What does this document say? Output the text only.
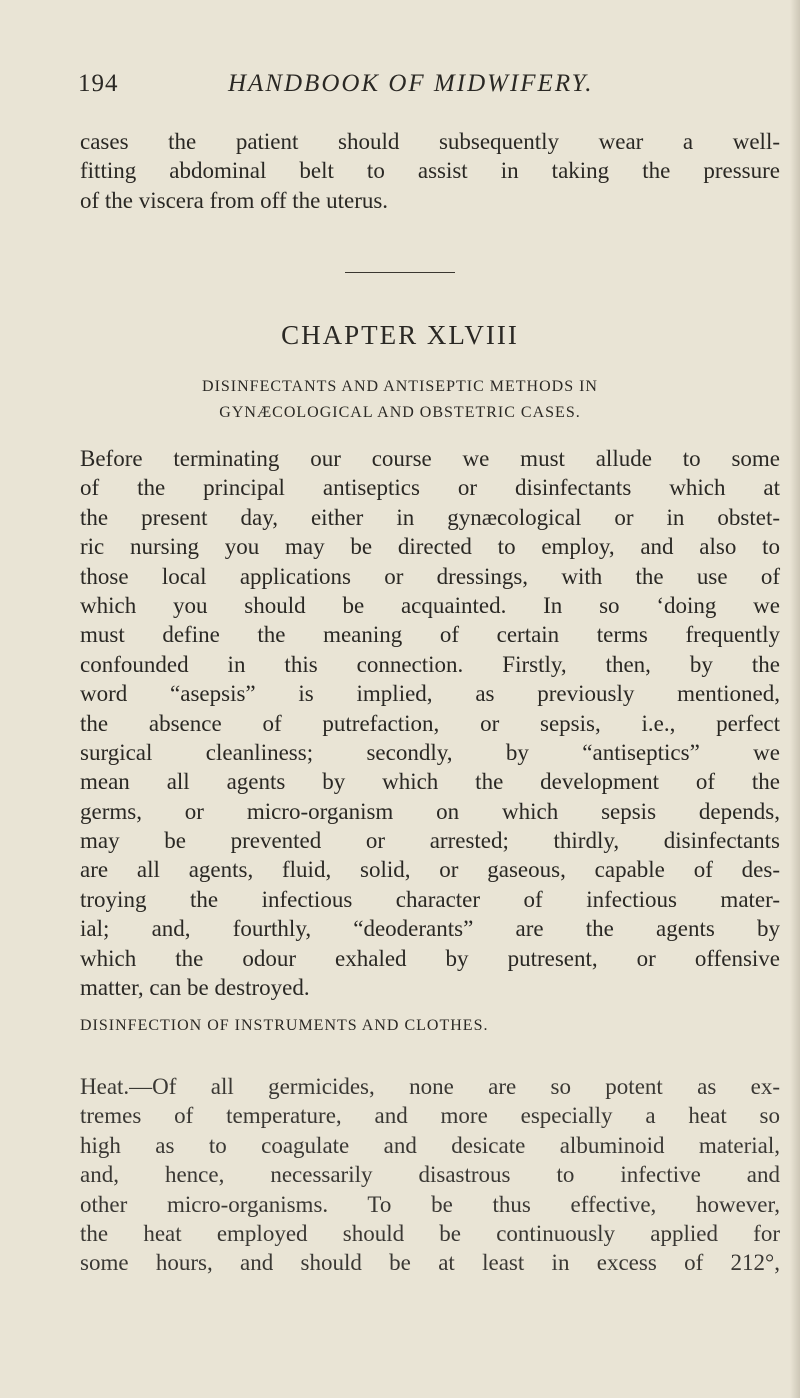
194	HANDBOOK OF MIDWIFERY.
cases the patient should subsequently wear a well-
fitting abdominal belt to assist in taking the pressure
of the viscera from off the uterus.
CHAPTER XLVIII
DISINFECTANTS AND ANTISEPTIC METHODS IN
GYNÆCOLOGICAL AND OBSTETRIC CASES.
Before terminating our course we must allude to some
of the principal antiseptics or disinfectants which at
the present day, either in gynæcological or in obstet-
ric nursing you may be directed to employ, and also to
those local applications or dressings, with the use of
which you should be acquainted. In so ‘doing we
must define the meaning of certain terms frequently
confounded in this connection. Firstly, then, by the
word “asepsis” is implied, as previously mentioned,
the absence of putrefaction, or sepsis, i.e., perfect
surgical cleanliness; secondly, by “antiseptics” we
mean all agents by which the development of the
germs, or micro-organism on which sepsis depends,
may be prevented or arrested; thirdly, disinfectants
are all agents, fluid, solid, or gaseous, capable of des-
troying the infectious character of infectious mater-
ial; and, fourthly, “deoderants” are the agents by
which the odour exhaled by putresent, or offensive
matter, can be destroyed.
DISINFECTION OF INSTRUMENTS AND CLOTHES.
Heat.—Of all germicides, none are so potent as ex-
tremes of temperature, and more especially a heat so
high as to coagulate and desicate albuminoid material,
and, hence, necessarily disastrous to infective and
other micro-organisms. To be thus effective, however,
the heat employed should be continuously applied for
some hours, and should be at least in excess of 212°,
